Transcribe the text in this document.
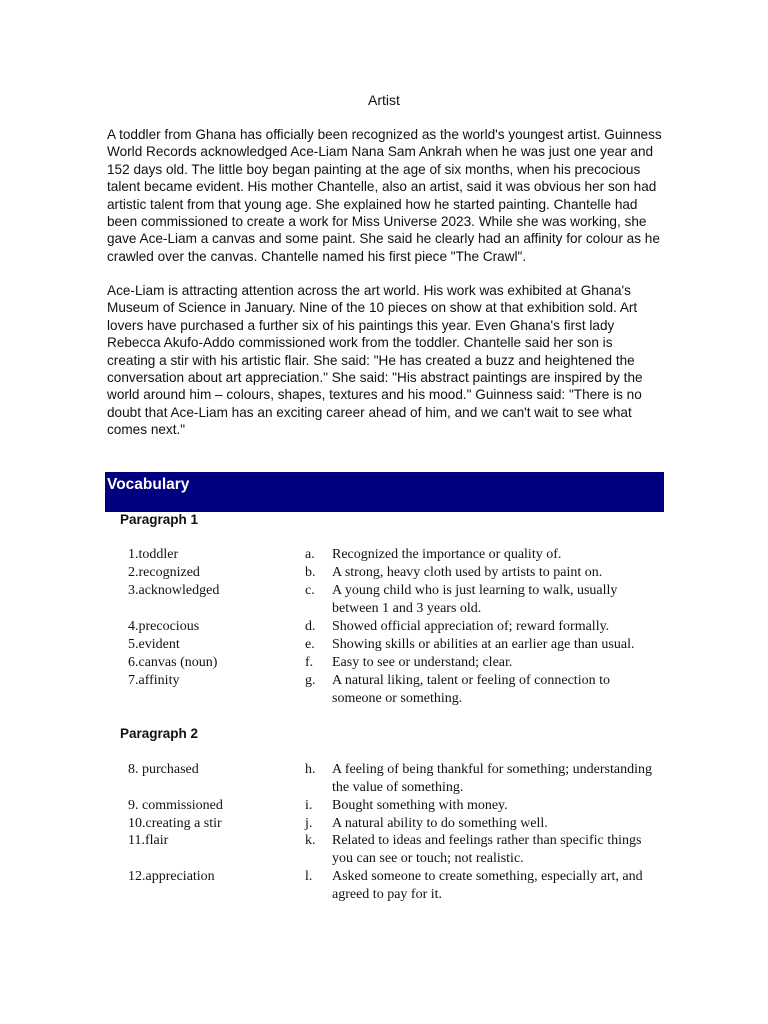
Artist

A toddler from Ghana has officially been recognized as the world's youngest artist. Guinness World Records acknowledged Ace-Liam Nana Sam Ankrah when he was just one year and 152 days old. The little boy began painting at the age of six months, when his precocious talent became evident. His mother Chantelle, also an artist, said it was obvious her son had artistic talent from that young age. She explained how he started painting. Chantelle had been commissioned to create a work for Miss Universe 2023. While she was working, she gave Ace-Liam a canvas and some paint. She said he clearly had an affinity for colour as he crawled over the canvas. Chantelle named his first piece "The Crawl".

Ace-Liam is attracting attention across the art world. His work was exhibited at Ghana's Museum of Science in January. Nine of the 10 pieces on show at that exhibition sold. Art lovers have purchased a further six of his paintings this year. Even Ghana's first lady Rebecca Akufo-Addo commissioned work from the toddler. Chantelle said her son is creating a stir with his artistic flair. She said: "He has created a buzz and heightened the conversation about art appreciation." She said: "His abstract paintings are inspired by the world around him – colours, shapes, textures and his mood." Guinness said: "There is no doubt that Ace-Liam has an exciting career ahead of him, and we can't wait to see what comes next."

Vocabulary
Paragraph 1
1.toddler	a.	Recognized the importance or quality of.
2.recognized	b.	A strong, heavy cloth used by artists to paint on.
3.acknowledged	c.	A young child who is just learning to walk, usually between 1 and 3 years old.
4.precocious	d.	Showed official appreciation of; reward formally.
5.evident	e.	Showing skills or abilities at an earlier age than usual.
6.canvas (noun)	f.	Easy to see or understand; clear.
7.affinity	g.	A natural liking, talent or feeling of connection to someone or something.
Paragraph 2
8. purchased	h.	A feeling of being thankful for something; understanding the value of something.
9. commissioned	i.	Bought something with money.
10.creating a stir	j.	A natural ability to do something well.
11.flair	k.	Related to ideas and feelings rather than specific things you can see or touch; not realistic.
12.appreciation	l.	Asked someone to create something, especially art, and agreed to pay for it.
